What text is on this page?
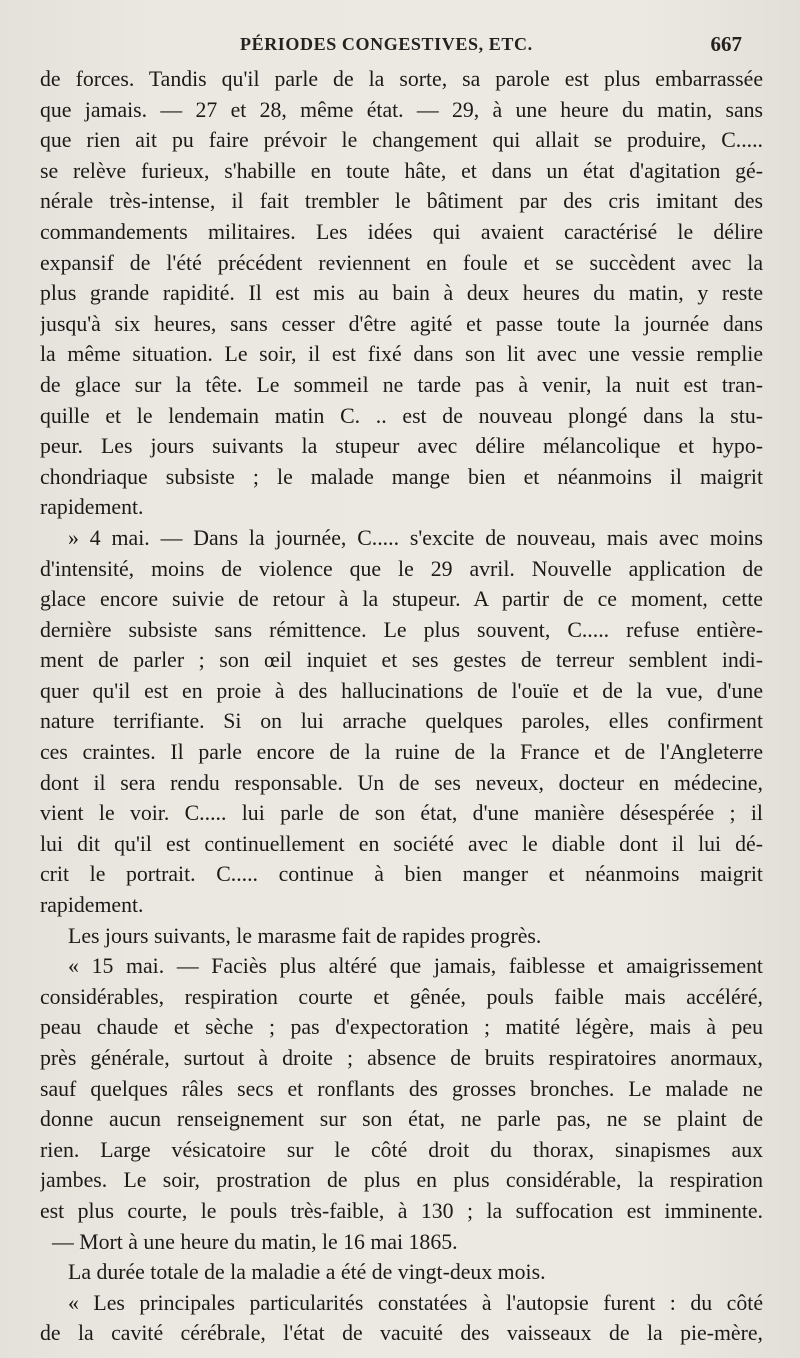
PÉRIODES CONGESTIVES, ETC.	667
de forces. Tandis qu'il parle de la sorte, sa parole est plus embarrassée
que jamais. — 27 et 28, même état. — 29, à une heure du matin, sans
que rien ait pu faire prévoir le changement qui allait se produire, C.....
se relève furieux, s'habille en toute hâte, et dans un état d'agitation gé-
nérale très-intense, il fait trembler le bâtiment par des cris imitant des
commandements militaires. Les idées qui avaient caractérisé le délire
expansif de l'été précédent reviennent en foule et se succèdent avec la
plus grande rapidité. Il est mis au bain à deux heures du matin, y reste
jusqu'à six heures, sans cesser d'être agité et passe toute la journée dans
la même situation. Le soir, il est fixé dans son lit avec une vessie remplie
de glace sur la tête. Le sommeil ne tarde pas à venir, la nuit est tran-
quille et le lendemain matin C. .. est de nouveau plongé dans la stu-
peur. Les jours suivants la stupeur avec délire mélancolique et hypo-
chondriaque subsiste ; le malade mange bien et néanmoins il maigrit
rapidement.
» 4 mai. — Dans la journée, C..... s'excite de nouveau, mais avec moins
d'intensité, moins de violence que le 29 avril. Nouvelle application de
glace encore suivie de retour à la stupeur. A partir de ce moment, cette
dernière subsiste sans rémittence. Le plus souvent, C..... refuse entière-
ment de parler ; son œil inquiet et ses gestes de terreur semblent indi-
quer qu'il est en proie à des hallucinations de l'ouïe et de la vue, d'une
nature terrifiante. Si on lui arrache quelques paroles, elles confirment
ces craintes. Il parle encore de la ruine de la France et de l'Angleterre
dont il sera rendu responsable. Un de ses neveux, docteur en médecine,
vient le voir. C..... lui parle de son état, d'une manière désespérée ; il
lui dit qu'il est continuellement en société avec le diable dont il lui dé-
crit le portrait. C..... continue à bien manger et néanmoins maigrit
rapidement.
Les jours suivants, le marasme fait de rapides progrès.
« 15 mai. — Faciès plus altéré que jamais, faiblesse et amaigrissement
considérables, respiration courte et gênée, pouls faible mais accéléré,
peau chaude et sèche ; pas d'expectoration ; matité légère, mais à peu
près générale, surtout à droite ; absence de bruits respiratoires anormaux,
sauf quelques râles secs et ronflants des grosses bronches. Le malade ne
donne aucun renseignement sur son état, ne parle pas, ne se plaint de
rien. Large vésicatoire sur le côté droit du thorax, sinapismes aux
jambes. Le soir, prostration de plus en plus considérable, la respiration
est plus courte, le pouls très-faible, à 130 ; la suffocation est imminente.
— Mort à une heure du matin, le 16 mai 1865.
La durée totale de la maladie a été de vingt-deux mois.
« Les principales particularités constatées à l'autopsie furent : du côté
de la cavité cérébrale, l'état de vacuité des vaisseaux de la pie-mère,
